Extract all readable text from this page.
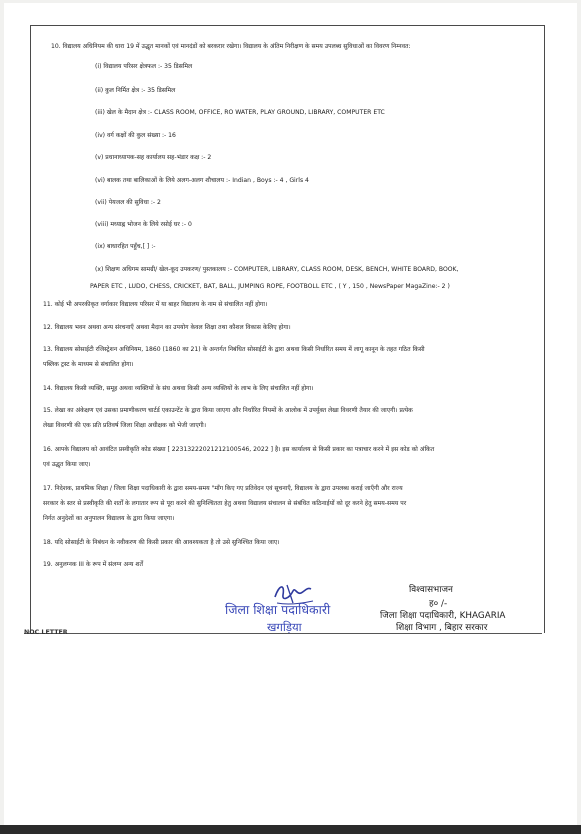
10. विद्यालय अधिनियम की धारा 19 में उद्धृत मानकों एवं मानदंडों को बरकरार रखेगा। विद्यालय के अंतिम निरीक्षण के समय उपलब्ध सुविधाओं का विवरण निम्नवत:
(i) विद्यालय परिसर क्षेत्रफल :- 35 डिसमिल
(ii) कुल निर्मित क्षेत्र :- 35 डिसमिल
(iii) खेल के मैदान क्षेत्र :- CLASS ROOM, OFFICE, RO WATER, PLAY GROUND, LIBRARY, COMPUTER ETC
(iv) वर्ग कक्षों की कुल संख्या :- 16
(v) प्रधानाध्यापक-सह कार्यालय सह-भंडार कक्ष :- 2
(vi) बालक तथा बालिकाओं के लिये अलग-अलग शौचालय :- Indian , Boys :- 4 , Girls 4
(vii) पेयजल की सुविधा :- 2
(viii) मध्याह्न भोजन के लिये रसोई घर :- 0
(ix) बाधारहित पहुँच,[ ] :-
(x) शिक्षण अधिगम सामग्री/ खेल-कूद उपकरण/ पुस्तकालय :- COMPUTER, LIBRARY, CLASS ROOM, DESK, BENCH, WHITE BOARD, BOOK,
PAPER ETC , LUDO, CHESS, CRICKET, BAT, BALL, JUMPING ROPE, FOOTBOLL ETC , ( Y , 150 , NewsPaper MagaZine:- 2 )
11. कोई भी अपरकीकृत वर्गाकार विद्यालय परिसर में या बाहर विद्यालय के नाम से संचालित नहीं होगा।
12. विद्यालय भवन अथवा अन्य संरचनाएँ अथवा मैदान का उपयोग केवल शिक्षा तथा कौशल विकास केलिए होगा।
13. विद्यालय सोसाईटी रजिस्ट्रेशन अधिनियम, 1860 (1860 का 21) के अन्तर्गत निबंधित सोसाईटी के द्वारा अथवा किसी निर्धारित समय में लागू कानून के तहत गठित किसी
पब्लिक ट्रस्ट के माध्यम से संचालित होगा।
14. विद्यालय किसी व्यक्ति, समूह अथवा व्यक्तियों के संघ अथवा किसी अन्य व्यक्तियों के लाभ के लिए संचालित नहीं होगा।
15. लेखा का अंकेक्षण एवं उसका प्रमाणीकरण चार्टर्ड एकाउन्टेंट के द्वारा किया जाएगा और निर्धारित नियमों के आलोक में उपर्युक्त लेखा विवरणी तैयार की जाएगी। प्रत्येक
लेखा विवरणी की एक प्रति प्रतिवर्ष जिला शिक्षा अधीक्षक को भेजी जाएगी।
16. आपके विद्यालय को आवंटित प्रस्वीकृति कोड संख्या [ 22313222021212100546, 2022 ] है। इस कार्यालय से किसी प्रकार का पत्राचार करने में इस कोड को अंकित
एवं उद्धृत किया जाए।
17. निदेशक, प्राथमिक शिक्षा / जिला शिक्षा पदाधिकारी के द्वारा समय-समय "माँग किए गए प्रतिवेदन एवं सूचनाएँ, विद्यालय के द्वारा उपलब्ध कराई जाएँगी और राज्य
सरकार के स्तर से प्रस्वीकृति की शर्तों के लगातार रूप से पूरा करने की सुनिश्चितता हेतु अथवा विद्यालय संचालन से संबंधित कठिनाईयों को दूर करने हेतु समय-समय पर
निर्गत अनुदेशों का अनुपालन विद्यालय के द्वारा किया जाएगा।
18. यदि सोसाईटी के निबंधन के नवीकरण की किसी प्रकार की आवश्यकता है तो उसे सुनिश्चित किया जाए।
19. अनुलग्नक III के रूप में संलग्न अन्य शर्तें
जिला शिक्षा पदाधिकारी
खगड़िया
विश्वासभाजन
ह० /-
जिला शिक्षा पदाधिकारी, KHAGARIA
शिक्षा विभाग , बिहार सरकार
NOC LETTER
